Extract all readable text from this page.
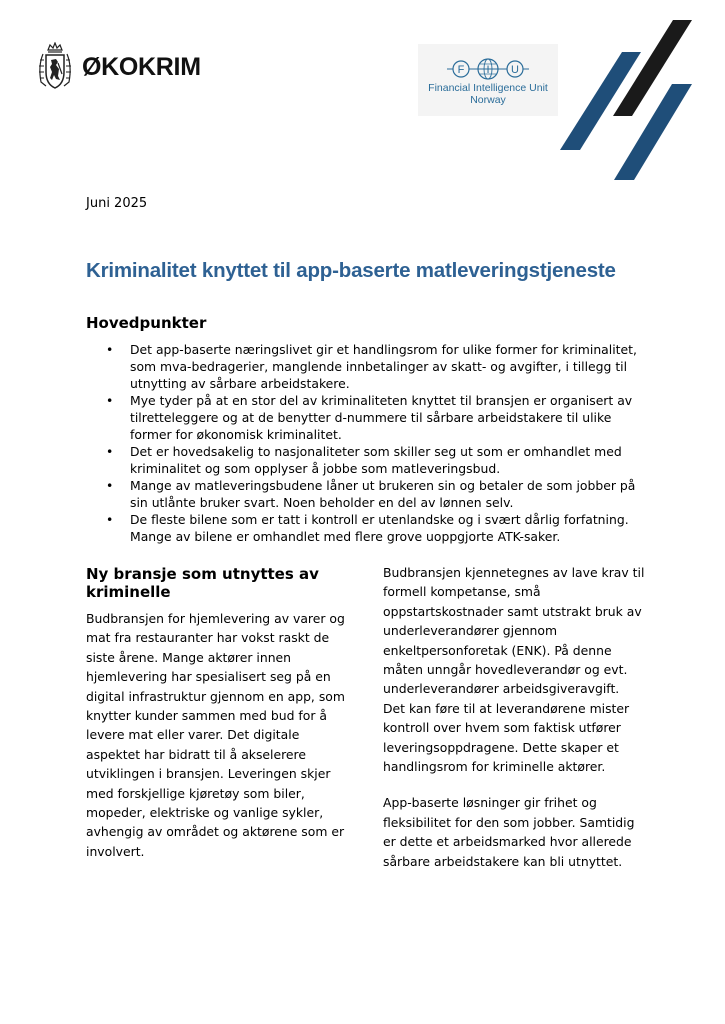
ØKOKRIM	F I U
Financial Intelligence Unit
Norway
Juni 2025
Kriminalitet knyttet til app-baserte matleveringstjeneste
Hovedpunkter
• Det app-baserte næringslivet gir et handlingsrom for ulike former for kriminalitet, som mva-bedragerier, manglende innbetalinger av skatt- og avgifter, i tillegg til utnytting av sårbare arbeidstakere.
• Mye tyder på at en stor del av kriminaliteten knyttet til bransjen er organisert av tilretteleggere og at de benytter d-nummere til sårbare arbeidstakere til ulike former for økonomisk kriminalitet.
• Det er hovedsakelig to nasjonaliteter som skiller seg ut som er omhandlet med kriminalitet og som opplyser å jobbe som matleveringsbud.
• Mange av matleveringsbudene låner ut brukeren sin og betaler de som jobber på sin utlånte bruker svart. Noen beholder en del av lønnen selv.
• De fleste bilene som er tatt i kontroll er utenlandske og i svært dårlig forfatning. Mange av bilene er omhandlet med flere grove uoppgjorte ATK-saker.
Ny bransje som utnyttes av kriminelle

Budbransjen for hjemlevering av varer og mat fra restauranter har vokst raskt de siste årene. Mange aktører innen hjemlevering har spesialisert seg på en digital infrastruktur gjennom en app, som knytter kunder sammen med bud for å levere mat eller varer. Det digitale aspektet har bidratt til å akselerere utviklingen i bransjen. Leveringen skjer med forskjellige kjøretøy som biler, mopeder, elektriske og vanlige sykler, avhengig av området og aktørene som er involvert.

Budbransjen kjennetegnes av lave krav til formell kompetanse, små oppstartskostnader samt utstrakt bruk av underleverandører gjennom enkeltpersonforetak (ENK). På denne måten unngår hovedleverandør og evt. underleverandører arbeidsgiveravgift. Det kan føre til at leverandørene mister kontroll over hvem som faktisk utfører leveringsoppdragene. Dette skaper et handlingsrom for kriminelle aktører.

App-baserte løsninger gir frihet og fleksibilitet for den som jobber. Samtidig er dette et arbeidsmarked hvor allerede sårbare arbeidstakere kan bli utnyttet.
